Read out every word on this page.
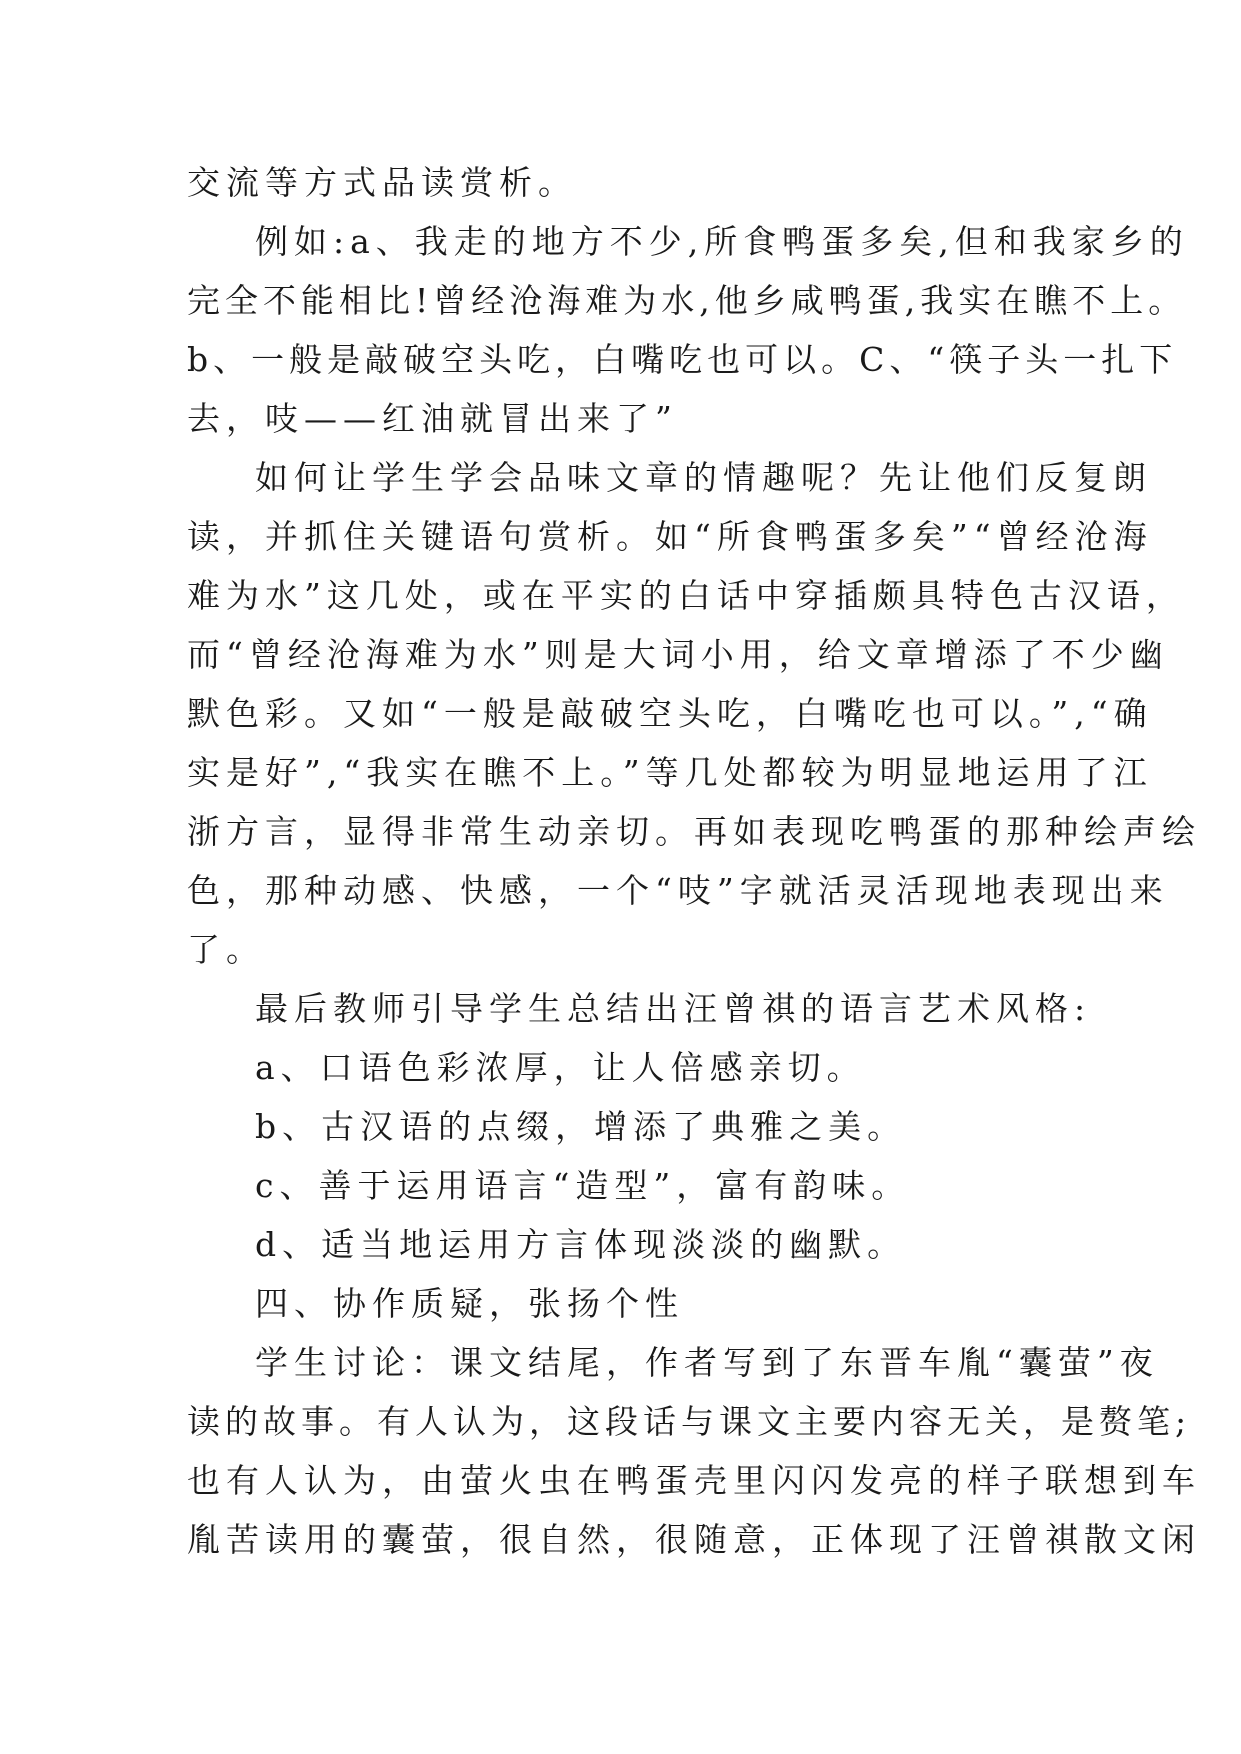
交流等方式品读赏析。
例如:a、我走的地方不少,所食鸭蛋多矣,但和我家乡的
完全不能相比!曾经沧海难为水,他乡咸鸭蛋,我实在瞧不上。
b、一般是敲破空头吃，白嘴吃也可以。C、“筷子头一扎下
去，吱——红油就冒出来了”
如何让学生学会品味文章的情趣呢？先让他们反复朗
读，并抓住关键语句赏析。如“所食鸭蛋多矣”“曾经沧海
难为水”这几处，或在平实的白话中穿插颇具特色古汉语，
而“曾经沧海难为水”则是大词小用，给文章增添了不少幽
默色彩。又如“一般是敲破空头吃，白嘴吃也可以。”,“确
实是好”,“我实在瞧不上。”等几处都较为明显地运用了江
浙方言，显得非常生动亲切。再如表现吃鸭蛋的那种绘声绘
色，那种动感、快感，一个“吱”字就活灵活现地表现出来
了。
最后教师引导学生总结出汪曾祺的语言艺术风格:
a、口语色彩浓厚，让人倍感亲切。
b、古汉语的点缀，增添了典雅之美。
c、善于运用语言“造型”，富有韵味。
d、适当地运用方言体现淡淡的幽默。
四、协作质疑，张扬个性
学生讨论：课文结尾，作者写到了东晋车胤“囊萤”夜
读的故事。有人认为，这段话与课文主要内容无关，是赘笔;
也有人认为，由萤火虫在鸭蛋壳里闪闪发亮的样子联想到车
胤苦读用的囊萤，很自然，很随意，正体现了汪曾祺散文闲
